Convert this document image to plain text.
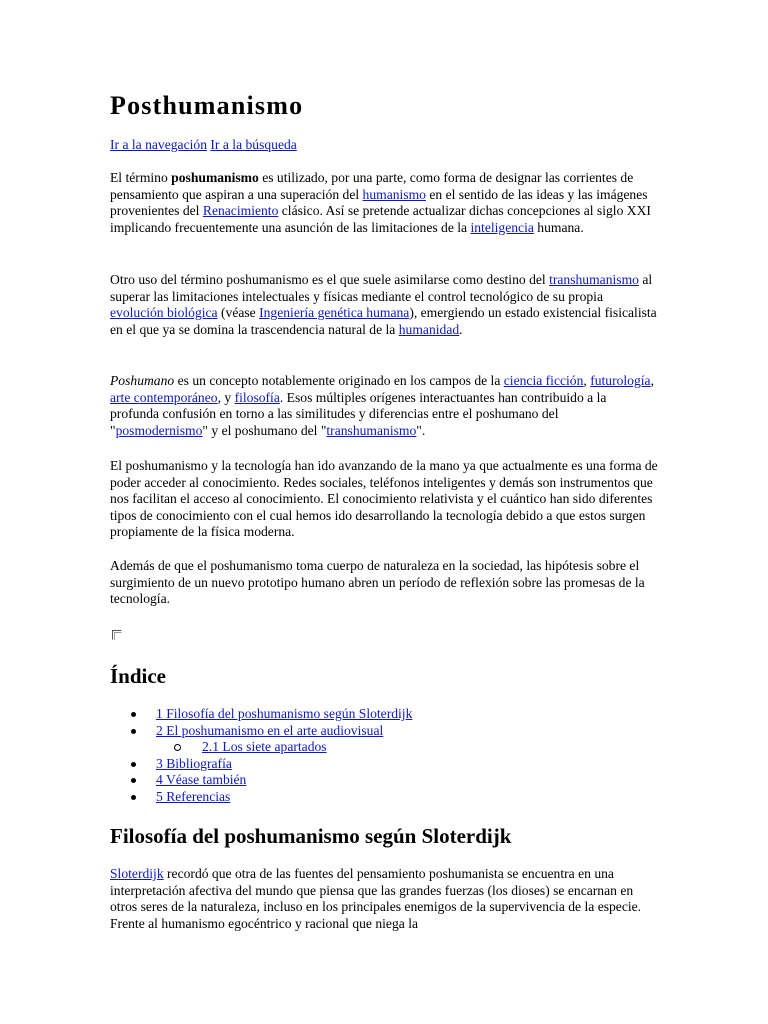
Posthumanismo
Ir a la navegación Ir a la búsqueda

El término poshumanismo es utilizado, por una parte, como forma de designar las corrientes de pensamiento que aspiran a una superación del humanismo en el sentido de las ideas y las imágenes provenientes del Renacimiento clásico. Así se pretende actualizar dichas concepciones al siglo XXI implicando frecuentemente una asunción de las limitaciones de la inteligencia humana.

Otro uso del término poshumanismo es el que suele asimilarse como destino del transhumanismo al superar las limitaciones intelectuales y físicas mediante el control tecnológico de su propia evolución biológica (véase Ingeniería genética humana), emergiendo un estado existencial fisicalista en el que ya se domina la trascendencia natural de la humanidad.

Poshumano es un concepto notablemente originado en los campos de la ciencia ficción, futurología, arte contemporáneo, y filosofía. Esos múltiples orígenes interactuantes han contribuido a la profunda confusión en torno a las similitudes y diferencias entre el poshumano del "posmodernismo" y el poshumano del "transhumanismo".

El poshumanismo y la tecnología han ido avanzando de la mano ya que actualmente es una forma de poder acceder al conocimiento. Redes sociales, teléfonos inteligentes y demás son instrumentos que nos facilitan el acceso al conocimiento. El conocimiento relativista y el cuántico han sido diferentes tipos de conocimiento con el cual hemos ido desarrollando la tecnología debido a que estos surgen propiamente de la física moderna.

Además de que el poshumanismo toma cuerpo de naturaleza en la sociedad, las hipótesis sobre el surgimiento de un nuevo prototipo humano abren un período de reflexión sobre las promesas de la tecnología.

Índice
1 Filosofía del poshumanismo según Sloterdijk
2 El poshumanismo en el arte audiovisual
2.1 Los siete apartados
3 Bibliografía
4 Véase también
5 Referencias
Filosofía del poshumanismo según Sloterdijk

Sloterdijk recordó que otra de las fuentes del pensamiento poshumanista se encuentra en una interpretación afectiva del mundo que piensa que las grandes fuerzas (los dioses) se encarnan en otros seres de la naturaleza, incluso en los principales enemigos de la supervivencia de la especie. Frente al humanismo egocéntrico y racional que niega la
